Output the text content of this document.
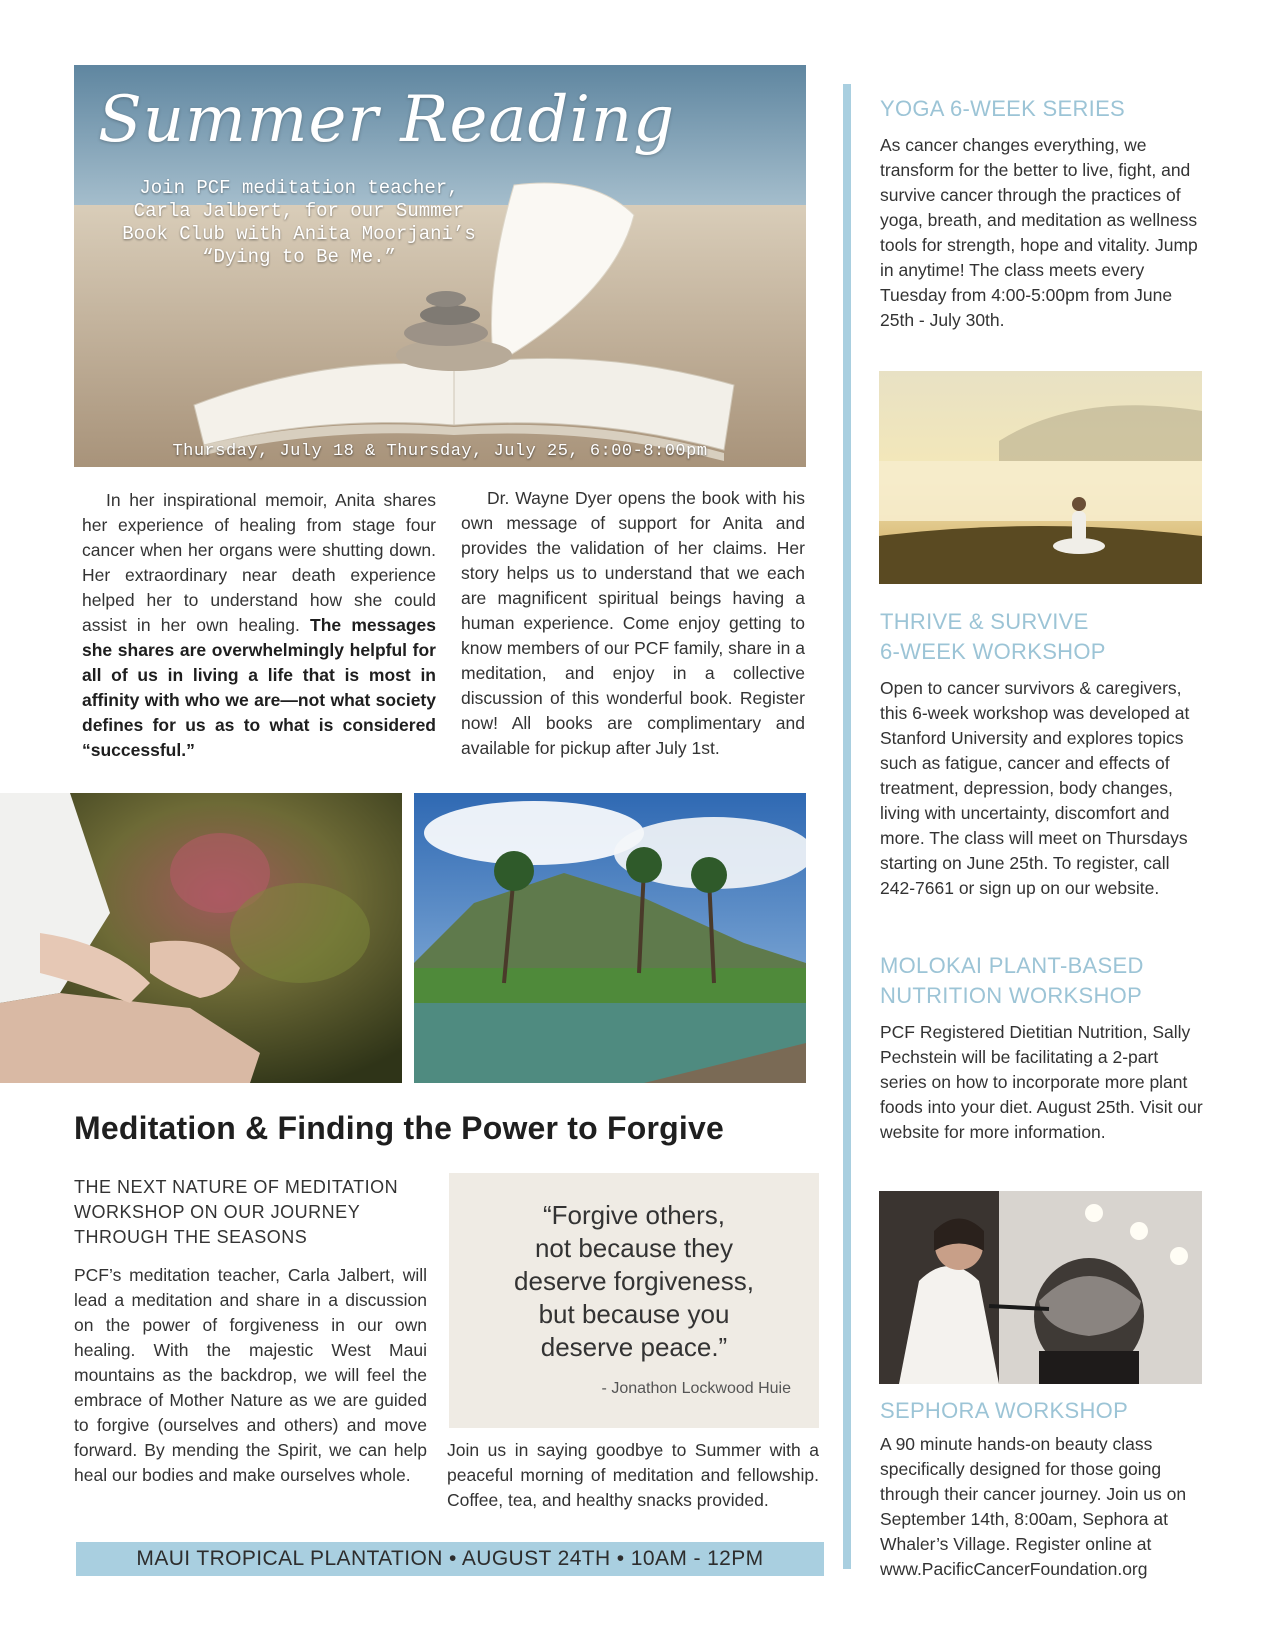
Summer Reading
Join PCF meditation teacher,
Carla Jalbert, for our Summer
Book Club with Anita Moorjani’s
“Dying to Be Me.”
Thursday, July 18 & Thursday, July 25, 6:00-8:00pm
In her inspirational memoir, Anita shares her experience of healing from stage four cancer when her organs were shutting down. Her extraordinary near death experience helped her to understand how she could assist in her own healing. The messages she shares are overwhelmingly helpful for all of us in living a life that is most in affinity with who we are—not what society defines for us as to what is considered “successful.”
Dr. Wayne Dyer opens the book with his own message of support for Anita and provides the validation of her claims. Her story helps us to understand that we each are magnificent spiritual beings having a human experience. Come enjoy getting to know members of our PCF family, share in a meditation, and enjoy in a collective discussion of this wonderful book. Register now! All books are complimentary and available for pickup after July 1st.
Meditation & Finding the Power to Forgive
THE NEXT NATURE OF MEDITATION WORKSHOP ON OUR JOURNEY THROUGH THE SEASONS
PCF’s meditation teacher, Carla Jalbert, will lead a meditation and share in a discussion on the power of forgiveness in our own healing. With the majestic West Maui mountains as the backdrop, we will feel the embrace of Mother Nature as we are guided to forgive (ourselves and others) and move forward. By mending the Spirit, we can help heal our bodies and make ourselves whole.
“Forgive others,
not because they
deserve forgiveness,
but because you
deserve peace.”
- Jonathon Lockwood Huie
Join us in saying goodbye to Summer with a peaceful morning of meditation and fellowship. Coffee, tea, and healthy snacks provided.
MAUI TROPICAL PLANTATION • AUGUST 24TH • 10AM - 12PM
YOGA 6-WEEK SERIES
As cancer changes everything, we transform for the better to live, fight, and survive cancer through the practices of yoga, breath, and meditation as wellness tools for strength, hope and vitality. Jump in anytime! The class meets every Tuesday from 4:00-5:00pm from June 25th - July 30th.
THRIVE & SURVIVE
6-WEEK WORKSHOP
Open to cancer survivors & caregivers, this 6-week workshop was developed at Stanford University and explores topics such as fatigue, cancer and effects of treatment, depression, body changes, living with uncertainty, discomfort and more. The class will meet on Thursdays starting on June 25th. To register, call 242-7661 or sign up on our website.
MOLOKAI PLANT-BASED
NUTRITION WORKSHOP
PCF Registered Dietitian Nutrition, Sally Pechstein will be facilitating a 2-part series on how to incorporate more plant foods into your diet. August 25th. Visit our website for more information.
SEPHORA WORKSHOP
A 90 minute hands-on beauty class specifically designed for those going through their cancer journey. Join us on September 14th, 8:00am, Sephora at Whaler’s Village. Register online at www.PacificCancerFoundation.org
